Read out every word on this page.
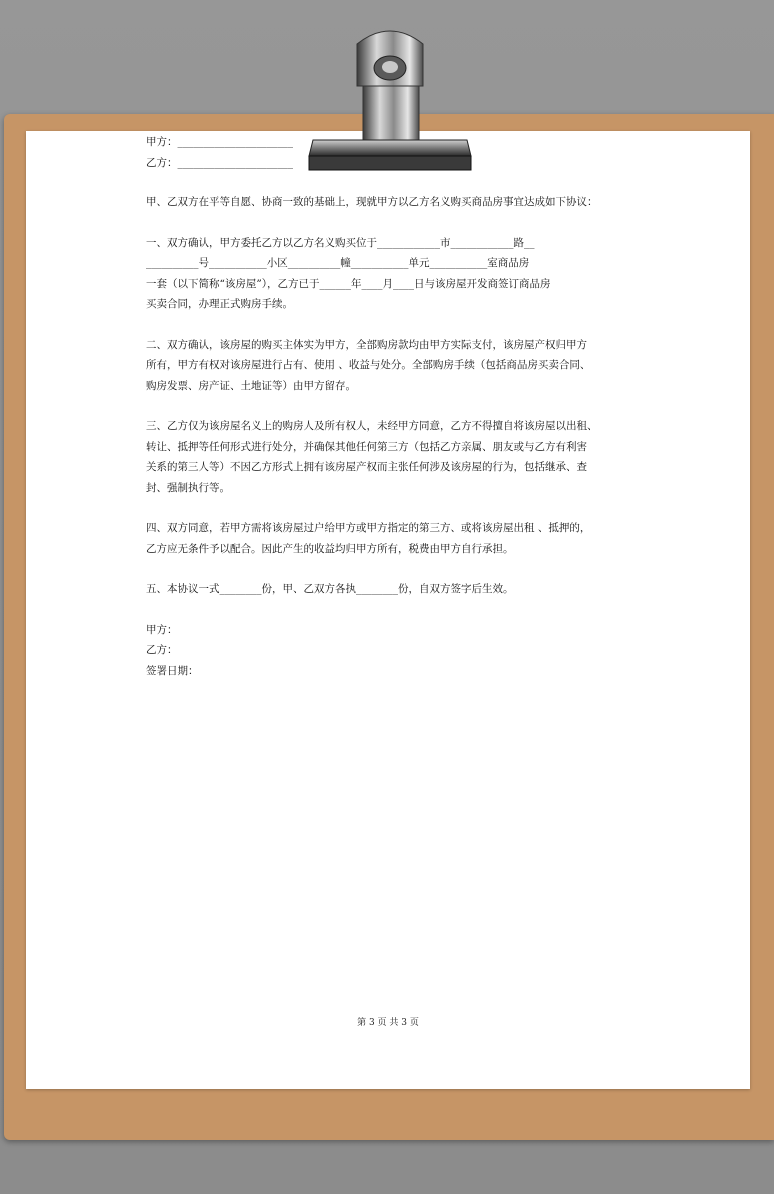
甲方：______________________

乙方：______________________

甲、乙双方在平等自愿、协商一致的基础上，现就甲方以乙方名义购买商品房事宜达成如下协议：

一、双方确认，甲方委托乙方以乙方名义购买位于____________市____________路__

__________号___________小区__________幢___________单元___________室商品房

一套（以下简称“该房屋”），乙方已于______年____月____日与该房屋开发商签订商品房

买卖合同，办理正式购房手续。

二、双方确认，该房屋的购买主体实为甲方，全部购房款均由甲方实际支付，该房屋产权归甲方

所有，甲方有权对该房屋进行占有、使用 、收益与处分。全部购房手续（包括商品房买卖合同、

购房发票、房产证、土地证等）由甲方留存。

三、乙方仅为该房屋名义上的购房人及所有权人，未经甲方同意，乙方不得擅自将该房屋以出租、

转让、抵押等任何形式进行处分，并确保其他任何第三方（包括乙方亲属、朋友或与乙方有利害

关系的第三人等）不因乙方形式上拥有该房屋产权而主张任何涉及该房屋的行为，包括继承、查

封、强制执行等。

四、双方同意，若甲方需将该房屋过户给甲方或甲方指定的第三方、或将该房屋出租 、抵押的，

乙方应无条件予以配合。因此产生的收益均归甲方所有，税费由甲方自行承担。

五、本协议一式________份，甲、乙双方各执________份，自双方签字后生效。

甲方：

乙方：

签署日期：

第 3 页 共 3 页
